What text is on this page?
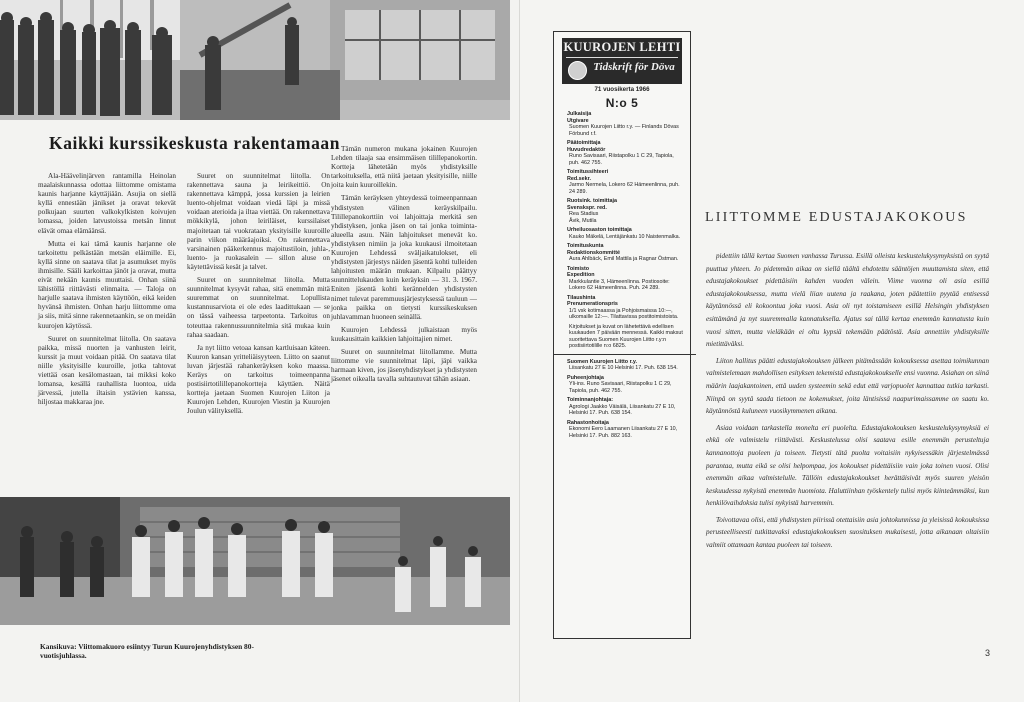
Kaikki kurssikeskusta rakentamaan

Ala-Häävelinjärven rantamilla Heinolan maalaiskunnassa odottaa liittomme omistama kaunis harjanne käyttäjiään. Asujia on siellä kyllä ennestään jänikset ja oravat tekevät polkujaan suurten valkokylkisten koivujen lomassa, joiden latvustoissa metsän linnut elävät omaa elämäänsä.

Mutta ei kai tämä kaunis harjanne ole tarkoitettu pelkästään metsän eläimille. Ei, kyllä sinne on saatava tilat ja asumukset myös ihmisille. Sääli karkoittaa jänöt ja oravat, mutta eivät nekään kaunis muuttaisi. Onhan siinä lähistöllä riittävästi elinmaita. — Taloja on harjulle saatava ihmisten käyttöön, eikä keiden hyvänsä ihmisten. Onhan harju liittomme oma ja siis, mitä sinne rakennetaankin, se on meidän kuurojen käytössä.

Suuret on suunnitelmat liitolla. On saatava paikka, missä nuorten ja vanhusten leirit, kurssit ja muut voidaan pitää. On saatava tilat niille yksityisille kuuroille, jotka tahtovat viettää osan kesälomastaan, tai mikksi koko lomansa, kesällä rauhallista luontoa, uida järvessä, jutella iltaisin ystävien kanssa, hiljostaa makkaraa jne.

Suuret on suunnitelmat liitolla. On rakennettava sauna ja leirikeittiö. On rakennettava kämppä, jossa kurssien ja leirien luento-ohjelmat voidaan viedä läpi ja missä voidaan aterioida ja iltaa viettää. On rakennettava mökkikylä, johon leiriläiset, kurssilaiset majoitetaan tai vuokrataan yksityisille kuuroille parin viikon määräajoiksi. On rakennettava varsinainen pääkerkennus majoitustiloin, juhla-, luento- ja ruokasalein — sillon aluse on käytettävissä kesät ja talvet.

Suuret on suunnitelmat liitolla. Mutta suunnitelmat kysyvät rahaa, sitä enemmän mitä suuremmat on suunnitelmat. Lopullista kustannusarviota ei ole edes laadittukaan — se on tässä vaiheessa tarpeetonta. Tarkoitus on toteuttaa rakennussuunnitelmia sitä mukaa kuin rahaa saadaan.

Ja nyt liitto vetoaa kansan kartluisaan käteen. Kuuron kansan yritteliäisyyteen. Liitto on saanut luvan järjestää rahankeräyksen koko maassa. Keräys on tarkoitus toimeenpanna postisiirtotilillepanokortteja käyttäen. Näitä kortteja jaetaan Suomen Kuurojen Liiton ja Kuurojen Lehden, Kuurojen Viestin ja Kuurojen Joulun välityksellä.

Tämän numeron mukana jokainen Kuurojen Lehden tilaaja saa ensimmäisen tilillepanokortin. Kortteja lähetetään myös yhdistyksille tarkoituksella, että niitä jaetaan yksityisille, niille joita kuin kuuroillekin.

Tämän keräyksen yhteydessä toimeenpannaan yhdistysten välinen keräyskilpailu. Tilillepanokorttiin voi lahjoittaja merkitä sen yhdistyksen, jonka jäsen on tai jonka toiminta-alueella asuu. Näin lahjoitukset menevät ko. yhdistyksen nimiin ja joka kuukausi ilmoitetaan Kuurojen Lehdessä sväljaikatulokset, eli yhdistysten järjestys näiden jäsentä kohti tulleiden lahjoitusten määrän mukaan. Kilpailu päättyy suunnittelukauden kuin keräyksin — 31. 3. 1967. Eniten jäsentä kohti kerännelden yhdistysten nimet tulevat paremmuusjärjestyksessä tauluun — jonka paikka on tietysti kurssikeskuksen juhlavamman huoneen seinällä.

Kuurojen Lehdessä julkaistaan myös kuukausittain kaikkien lahjoittajien nimet.

Suuret on suunnitelmat liitollamme. Mutta liittomme vie suunnitelmat läpi, jäpi vaikka harmaan kiven, jos jäsenyhdistykset ja yhdistysten jäsenet oikealla tavalla suhtautuvat tähän asiaan.

Kansikuva: Viittomakuoro esiintyy Turun Kuurojenyhdistyksen 80-vuotisjuhlassa.
KUUROJEN LEHTI
Tidskrift för Döva
71 vuosikerta 1966
N:o 5
Julkaisija
Utgivare
Suomen Kuurojen Liitto r.y. — Finlands Dövas Förbund r.f.
Päätoimittaja
Huvudredaktör
Runo Savisaari, Riistapolku 1 C 29, Tapiola, puh. 462 755.
Toimitussihteeri
Red.sekr.
Jarmo Nermela, Lokero 62 Hämeenlinna, puh. 24 289.
Ruotsink. toimittaja
Svenskspr. red.
Rea Stadius
Åvik, Mutila
Urheiluosaston toimittaja
Kauko Mäkelä, Lentäjänkatu 10 Naistenmalka.
Toimituskunta
Redaktionskommitté
Aura Ahlbäck, Emil Mattila ja Ragnar Östman.
Toimisto
Expedition
Markkulantie 3, Hämeenlinna. Postiosoite: Lokero 62 Hämeenlinna. Puh. 24 289.
Tilaushinta
Prenumerationspris
1/1 vsk kotimaassa ja Pohjoismaissa 10:—, ulkomaille 12:—. Tilattavissa postitoimistoista.
Kirjoitukset ja kuvat on lähetettävä edellisen kuukauden 7 päivään mennessä. Kaikki maksut suoritettava Suomen Kuurojen Liitto r.y:n postisiirtotilille n:o 6825.
Suomen Kuurojen Liitto r.y.
Liisankatu 27 E 10 Helsinki 17. Puh. 638 154.
Puheenjohtaja
Yli-ins. Runo Savisaari, Riistapolku 1 C 29, Tapiola, puh. 462 755.
Toiminnanjohtaja:
Agrologi Jaakko Väisälä, Liisankatu 27 E 10, Helsinki 17. Puh. 638 154.
Rahastonhoitaja
Ekonomi Eero Laamanen Liisankatu 27 E 10, Helsinki 17. Puh. 882 163.
LIITTOMME EDUSTAJAKOKOUS

pidettiin tällä kertaa Suomen vanhassa Turussa. Esillä olleista keskustelukysymyksistä on syytä puuttua yhteen. Jo pidemmän aikaa on siellä täältä ehdotettu sääntöjen muuttamista siten, että edustajakokoukset pidettäisiin kahden vuoden välein. Viime vuonna oli asia esillä edustajakokouksessa, mutta vielä liian uutena ja raakana, joten päätettiin pyytää entisessä käytännössä eli kokoontua joka vuosi. Asia oli nyt toistamiseen esillä Helsingin yhdistyksen esittämänä ja nyt suuremmalla kannatuksella. Ajatus sai tällä kertaa enemmän kannatusta kuin vuosi sitten, mutta vieläkään ei oltu kypsiä tekemään päätöstä. Asia annettiin yhdistyksille mietittäväksi.

Liiton hallitus päätti edustajakokouksen jälkeen pitämässään kokouksessa asettaa toimikunnan valmistelemaan mahdollisen esityksen tekemistä edustajakokoukselle ensi vuonna. Asiahan on siinä määrin laajakantoinen, että uuden systeemin sekä edut että varjopuolet kannattaa tutkia tarkasti. Niinpä on syytä saada tietoon ne kokemukset, joita läntisissä naapurimaissamme on saatu ko. käytännöstä kuluneen vuosikymmenen aikana.

Asiaa voidaan tarkastella monelta eri puolelta. Edustajakokouksen keskustelukysymyksiä ei ehkä ole valmistelu riittävästi. Keskustelussa olisi saatava esille enemmän perusteltuja kannanottoja puoleen ja toiseen. Tietysti tätä puolta voitaisiin nykyisessäkin järjestelmässä parantaa, mutta eikä se olisi helpompaa, jos kokoukset pidettäisiin vain joka toinen vuosi. Olisi enemmän aikaa valmistelulle. Tällöin edustajakokoukset herättäisivät myös suuren yleisön keskuudessa nykyistä enemmän huomiota. Haluttiinhan työskentely tulisi myös kiinteämmäksi, kun henkilövaihdoksia tulisi nykyistä harvemmin.

Toivottavaa olisi, että yhdistysten piirissä otettaisiin asia johtokunnissa ja yleisissä kokouksissa perusteelliseesti tutkittavaksi edustajakokouksen suosituksen mukaisesti, jotta aikanaan oltaisiin valmiit ottamaan kantaa puoleen tai toiseen.

3
